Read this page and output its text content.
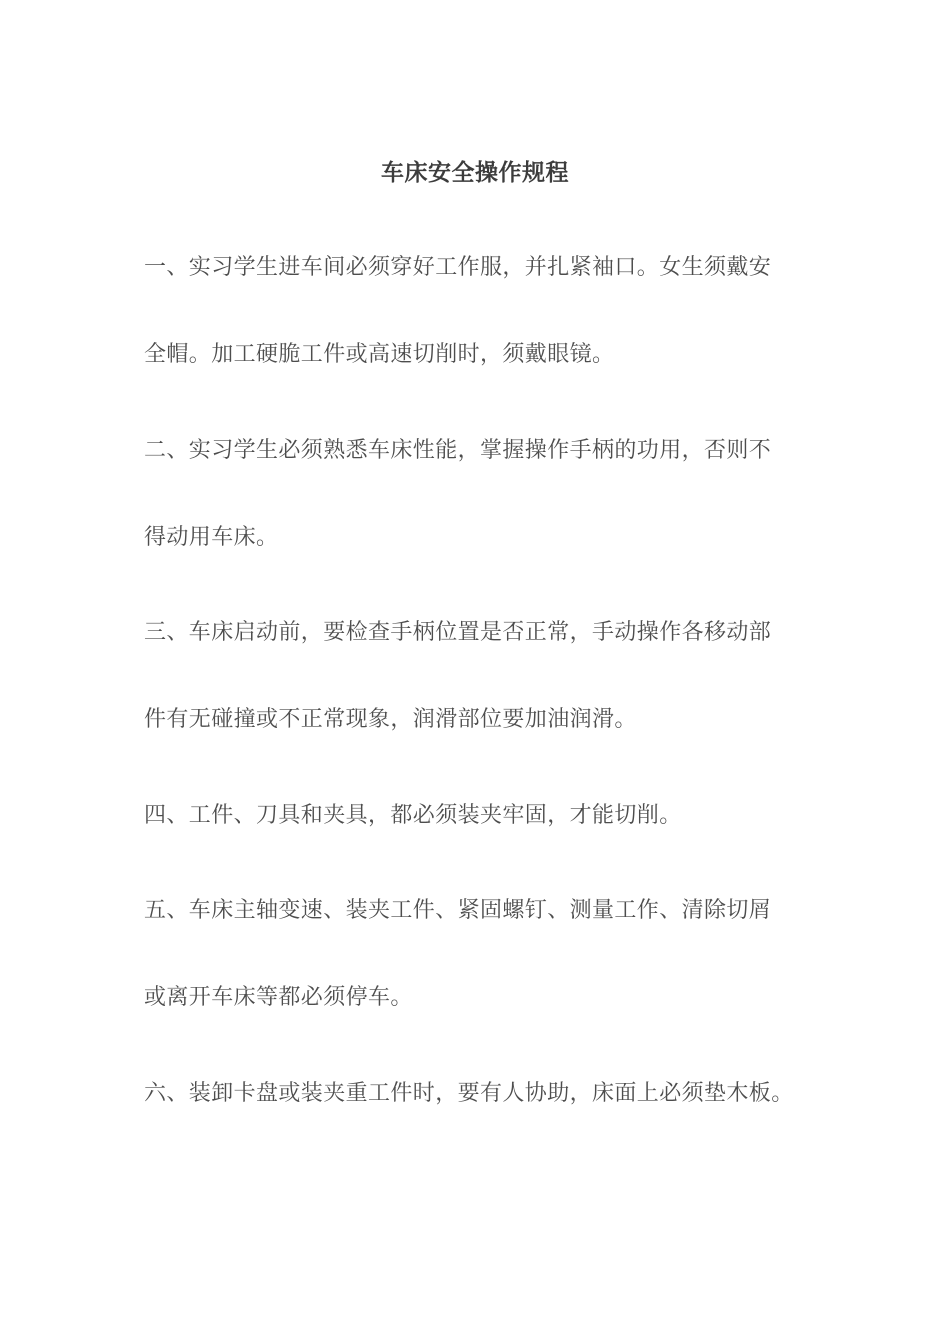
车床安全操作规程
一、实习学生进车间必须穿好工作服，并扎紧袖口。女生须戴安
全帽。加工硬脆工件或高速切削时，须戴眼镜。
二、实习学生必须熟悉车床性能，掌握操作手柄的功用，否则不
得动用车床。
三、车床启动前，要检查手柄位置是否正常，手动操作各移动部
件有无碰撞或不正常现象，润滑部位要加油润滑。
四、工件、刀具和夹具，都必须装夹牢固，才能切削。
五、车床主轴变速、装夹工件、紧固螺钉、测量工作、清除切屑
或离开车床等都必须停车。
六、装卸卡盘或装夹重工件时，要有人协助，床面上必须垫木板。
